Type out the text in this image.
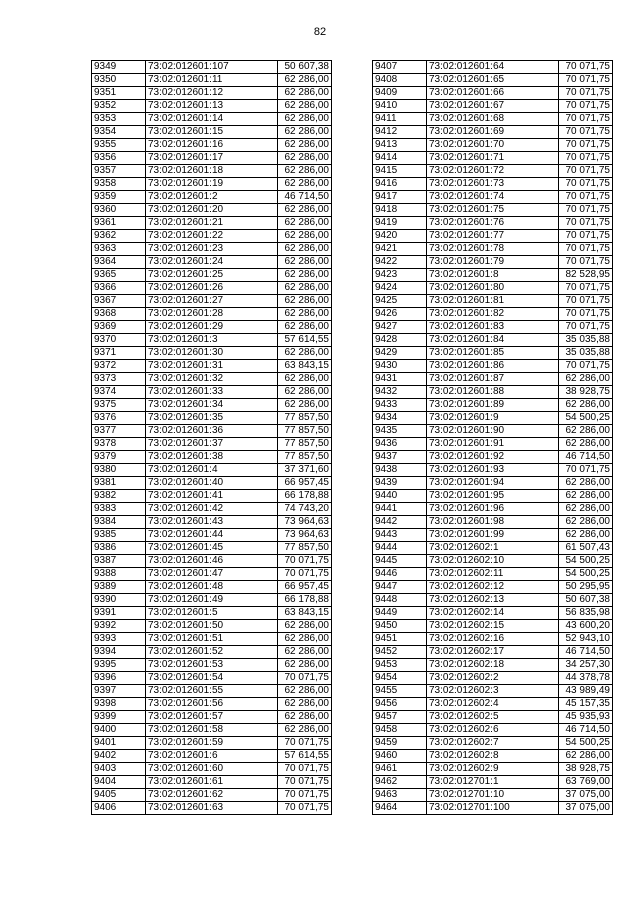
82
9349	73:02:012601:107	50 607,38
9350	73:02:012601:11	62 286,00
9351	73:02:012601:12	62 286,00
9352	73:02:012601:13	62 286,00
9353	73:02:012601:14	62 286,00
9354	73:02:012601:15	62 286,00
9355	73:02:012601:16	62 286,00
9356	73:02:012601:17	62 286,00
9357	73:02:012601:18	62 286,00
9358	73:02:012601:19	62 286,00
9359	73:02:012601:2	46 714,50
9360	73:02:012601:20	62 286,00
9361	73:02:012601:21	62 286,00
9362	73:02:012601:22	62 286,00
9363	73:02:012601:23	62 286,00
9364	73:02:012601:24	62 286,00
9365	73:02:012601:25	62 286,00
9366	73:02:012601:26	62 286,00
9367	73:02:012601:27	62 286,00
9368	73:02:012601:28	62 286,00
9369	73:02:012601:29	62 286,00
9370	73:02:012601:3	57 614,55
9371	73:02:012601:30	62 286,00
9372	73:02:012601:31	63 843,15
9373	73:02:012601:32	62 286,00
9374	73:02:012601:33	62 286,00
9375	73:02:012601:34	62 286,00
9376	73:02:012601:35	77 857,50
9377	73:02:012601:36	77 857,50
9378	73:02:012601:37	77 857,50
9379	73:02:012601:38	77 857,50
9380	73:02:012601:4	37 371,60
9381	73:02:012601:40	66 957,45
9382	73:02:012601:41	66 178,88
9383	73:02:012601:42	74 743,20
9384	73:02:012601:43	73 964,63
9385	73:02:012601:44	73 964,63
9386	73:02:012601:45	77 857,50
9387	73:02:012601:46	70 071,75
9388	73:02:012601:47	70 071,75
9389	73:02:012601:48	66 957,45
9390	73:02:012601:49	66 178,88
9391	73:02:012601:5	63 843,15
9392	73:02:012601:50	62 286,00
9393	73:02:012601:51	62 286,00
9394	73:02:012601:52	62 286,00
9395	73:02:012601:53	62 286,00
9396	73:02:012601:54	70 071,75
9397	73:02:012601:55	62 286,00
9398	73:02:012601:56	62 286,00
9399	73:02:012601:57	62 286,00
9400	73:02:012601:58	62 286,00
9401	73:02:012601:59	70 071,75
9402	73:02:012601:6	57 614,55
9403	73:02:012601:60	70 071,75
9404	73:02:012601:61	70 071,75
9405	73:02:012601:62	70 071,75
9406	73:02:012601:63	70 071,75
9407	73:02:012601:64	70 071,75
9408	73:02:012601:65	70 071,75
9409	73:02:012601:66	70 071,75
9410	73:02:012601:67	70 071,75
9411	73:02:012601:68	70 071,75
9412	73:02:012601:69	70 071,75
9413	73:02:012601:70	70 071,75
9414	73:02:012601:71	70 071,75
9415	73:02:012601:72	70 071,75
9416	73:02:012601:73	70 071,75
9417	73:02:012601:74	70 071,75
9418	73:02:012601:75	70 071,75
9419	73:02:012601:76	70 071,75
9420	73:02:012601:77	70 071,75
9421	73:02:012601:78	70 071,75
9422	73:02:012601:79	70 071,75
9423	73:02:012601:8	82 528,95
9424	73:02:012601:80	70 071,75
9425	73:02:012601:81	70 071,75
9426	73:02:012601:82	70 071,75
9427	73:02:012601:83	70 071,75
9428	73:02:012601:84	35 035,88
9429	73:02:012601:85	35 035,88
9430	73:02:012601:86	70 071,75
9431	73:02:012601:87	62 286,00
9432	73:02:012601:88	38 928,75
9433	73:02:012601:89	62 286,00
9434	73:02:012601:9	54 500,25
9435	73:02:012601:90	62 286,00
9436	73:02:012601:91	62 286,00
9437	73:02:012601:92	46 714,50
9438	73:02:012601:93	70 071,75
9439	73:02:012601:94	62 286,00
9440	73:02:012601:95	62 286,00
9441	73:02:012601:96	62 286,00
9442	73:02:012601:98	62 286,00
9443	73:02:012601:99	62 286,00
9444	73:02:012602:1	61 507,43
9445	73:02:012602:10	54 500,25
9446	73:02:012602:11	54 500,25
9447	73:02:012602:12	50 295,95
9448	73:02:012602:13	50 607,38
9449	73:02:012602:14	56 835,98
9450	73:02:012602:15	43 600,20
9451	73:02:012602:16	52 943,10
9452	73:02:012602:17	46 714,50
9453	73:02:012602:18	34 257,30
9454	73:02:012602:2	44 378,78
9455	73:02:012602:3	43 989,49
9456	73:02:012602:4	45 157,35
9457	73:02:012602:5	45 935,93
9458	73:02:012602:6	46 714,50
9459	73:02:012602:7	54 500,25
9460	73:02:012602:8	62 286,00
9461	73:02:012602:9	38 928,75
9462	73:02:012701:1	63 769,00
9463	73:02:012701:10	37 075,00
9464	73:02:012701:100	37 075,00
